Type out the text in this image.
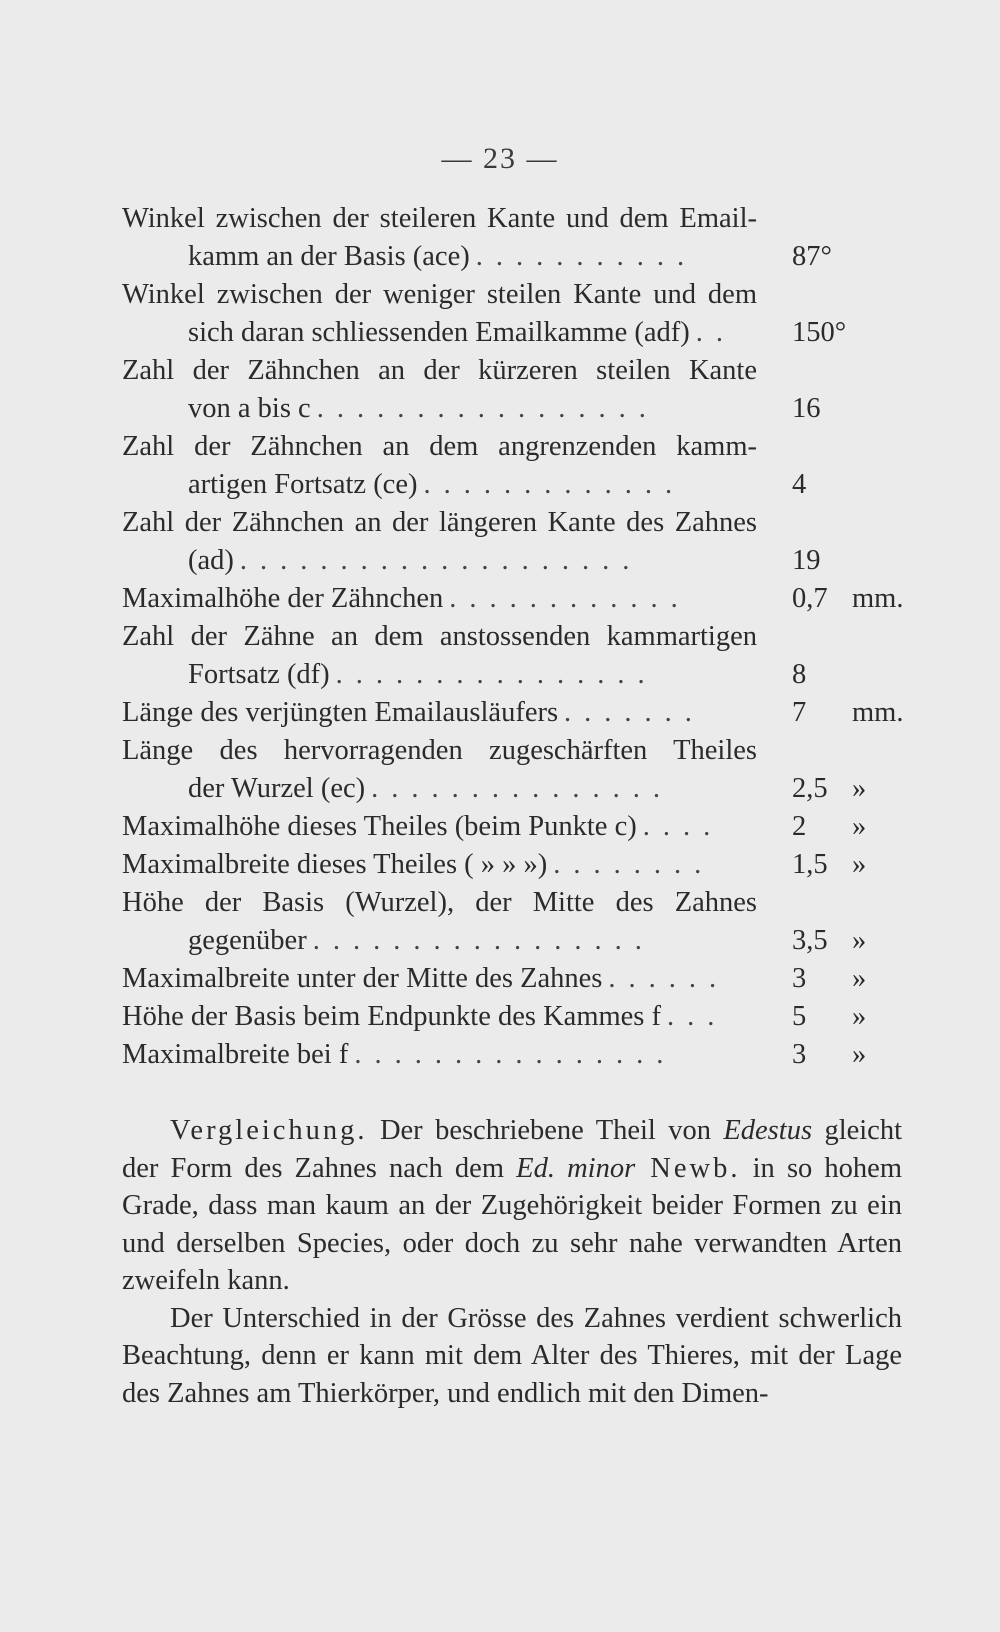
— 23 —
Winkel zwischen der steileren Kante und dem Email-
kamm an der Basis (ace) ...........	87°
Winkel zwischen der weniger steilen Kante und dem
sich daran schliessenden Emailkamme (adf) .. 150°
Zahl der Zähnchen an der kürzeren steilen Kante
von a bis c .................	16
Zahl der Zähnchen an dem angrenzenden kamm-
artigen Fortsatz (ce) .............	4
Zahl der Zähnchen an der längeren Kante des Zahnes
(ad) ....................	19
Maximalhöhe der Zähnchen ............	0,7 mm.
Zahl der Zähne an dem anstossenden kammartigen
Fortsatz (df) ................	8
Länge des verjüngten Emailausläufers .......	7 mm.
Länge des hervorragenden zugeschärften Theiles
der Wurzel (ec) ...............	2,5 »
Maximalhöhe dieses Theiles (beim Punkte c) .... 2 »
Maximalbreite dieses Theiles ( » » ») ........	1,5 »
Höhe der Basis (Wurzel), der Mitte des Zahnes
gegenüber .................	3,5 »
Maximalbreite unter der Mitte des Zahnes ...... 3 »
Höhe der Basis beim Endpunkte des Kammes f ... 5 »
Maximalbreite bei f ................	3 »

Vergleichung. Der beschriebene Theil von Edestus gleicht der Form des Zahnes nach dem Ed. minor Newb. in so hohem Grade, dass man kaum an der Zugehörigkeit beider Formen zu ein und derselben Species, oder doch zu sehr nahe verwandten Arten zweifeln kann.

Der Unterschied in der Grösse des Zahnes verdient schwerlich Beachtung, denn er kann mit dem Alter des Thieres, mit der Lage des Zahnes am Thierkörper, und endlich mit den Dimen-
